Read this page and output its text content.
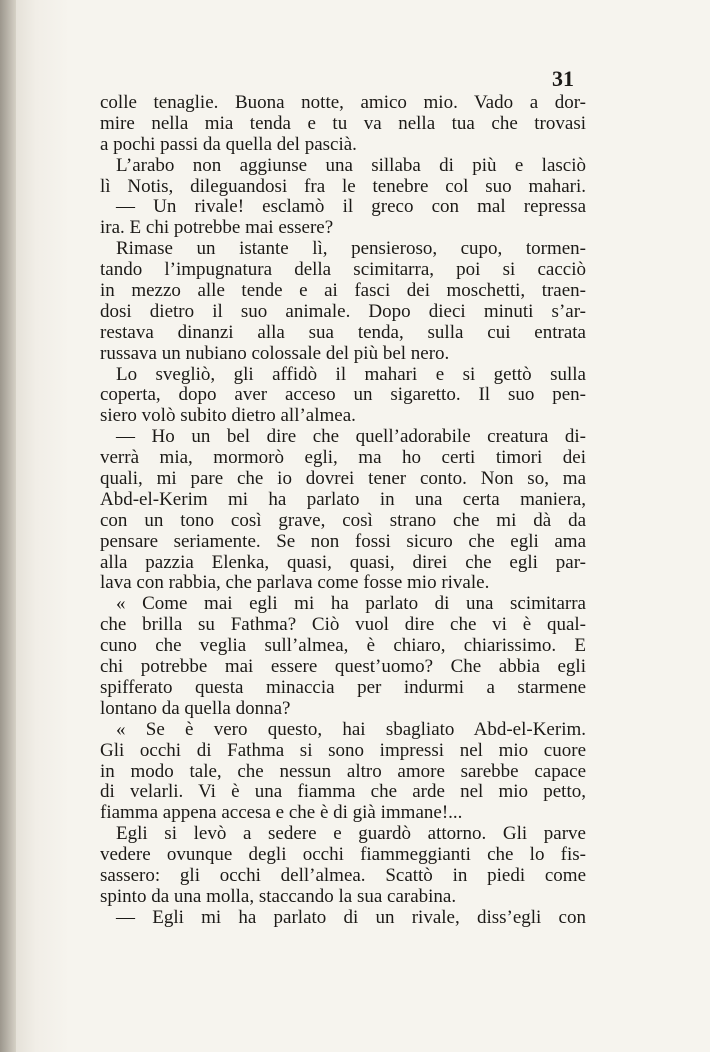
31
colle tenaglie. Buona notte, amico mio. Vado a dor-
mire nella mia tenda e tu va nella tua che trovasi
a pochi passi da quella del pascià.
L’arabo non aggiunse una sillaba di più e lasciò
lì Notis, dileguandosi fra le tenebre col suo mahari.
— Un rivale! esclamò il greco con mal repressa
ira. E chi potrebbe mai essere?
Rimase un istante lì, pensieroso, cupo, tormen-
tando l’impugnatura della scimitarra, poi si cacciò
in mezzo alle tende e ai fasci dei moschetti, traen-
dosi dietro il suo animale. Dopo dieci minuti s’ar-
restava dinanzi alla sua tenda, sulla cui entrata
russava un nubiano colossale del più bel nero.
Lo svegliò, gli affidò il mahari e si gettò sulla
coperta, dopo aver acceso un sigaretto. Il suo pen-
siero volò subito dietro all’almea.
— Ho un bel dire che quell’adorabile creatura di-
verrà mia, mormorò egli, ma ho certi timori dei
quali, mi pare che io dovrei tener conto. Non so, ma
Abd-el-Kerim mi ha parlato in una certa maniera,
con un tono così grave, così strano che mi dà da
pensare seriamente. Se non fossi sicuro che egli ama
alla pazzia Elenka, quasi, quasi, direi che egli par-
lava con rabbia, che parlava come fosse mio rivale.
« Come mai egli mi ha parlato di una scimitarra
che brilla su Fathma? Ciò vuol dire che vi è qual-
cuno che veglia sull’almea, è chiaro, chiarissimo. E
chi potrebbe mai essere quest’uomo? Che abbia egli
spifferato questa minaccia per indurmi a starmene
lontano da quella donna?
« Se è vero questo, hai sbagliato Abd-el-Kerim.
Gli occhi di Fathma si sono impressi nel mio cuore
in modo tale, che nessun altro amore sarebbe capace
di velarli. Vi è una fiamma che arde nel mio petto,
fiamma appena accesa e che è di già immane!...
Egli si levò a sedere e guardò attorno. Gli parve
vedere ovunque degli occhi fiammeggianti che lo fis-
sassero: gli occhi dell’almea. Scattò in piedi come
spinto da una molla, staccando la sua carabina.
— Egli mi ha parlato di un rivale, diss’egli con
